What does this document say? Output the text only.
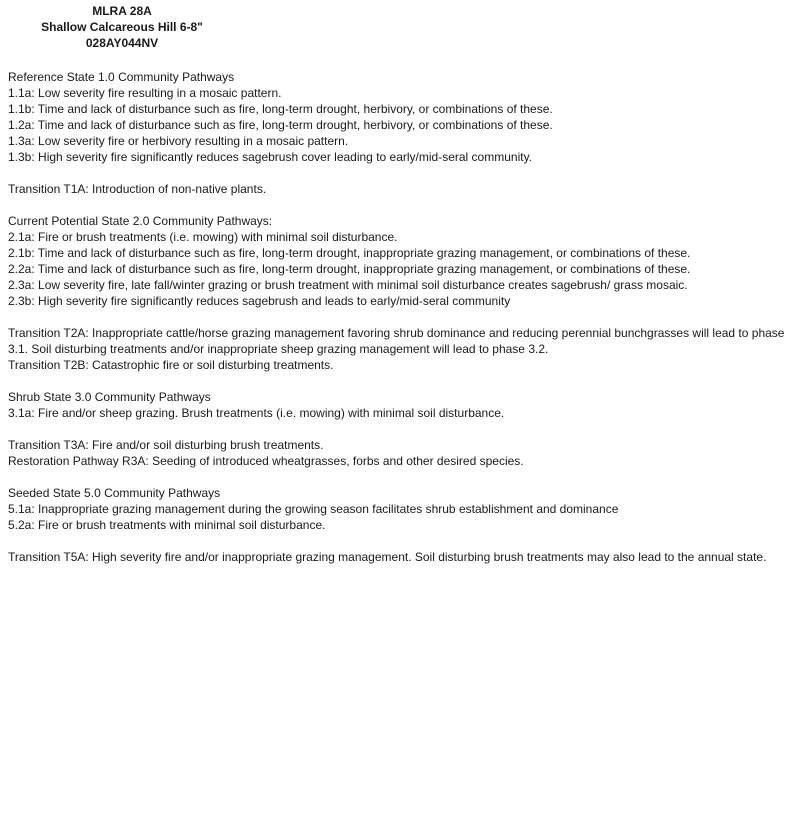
MLRA 28A
Shallow Calcareous Hill 6-8"
028AY044NV
Reference State 1.0 Community Pathways
1.1a: Low severity fire resulting in a mosaic pattern.
1.1b: Time and lack of disturbance such as fire, long-term drought, herbivory, or combinations of these.
1.2a: Time and lack of disturbance such as fire, long-term drought, herbivory, or combinations of these.
1.3a: Low severity fire or herbivory resulting in a mosaic pattern.
1.3b: High severity fire significantly reduces sagebrush cover leading to early/mid-seral community.
Transition T1A: Introduction of non-native plants.
Current Potential State 2.0 Community Pathways:
2.1a: Fire or brush treatments (i.e. mowing) with minimal soil disturbance.
2.1b: Time and lack of disturbance such as fire, long-term drought, inappropriate grazing management, or combinations of these.
2.2a: Time and lack of disturbance such as fire, long-term drought, inappropriate grazing management, or combinations of these.
2.3a: Low severity fire, late fall/winter grazing or brush treatment with minimal soil disturbance creates sagebrush/ grass mosaic.
2.3b: High severity fire significantly reduces sagebrush and leads to early/mid-seral community
Transition T2A: Inappropriate cattle/horse grazing management favoring shrub dominance and reducing perennial bunchgrasses will lead to phase 3.1. Soil disturbing treatments and/or inappropriate sheep grazing management will lead to phase 3.2.
Transition T2B: Catastrophic fire or soil disturbing treatments.
Shrub State 3.0 Community Pathways
3.1a: Fire and/or sheep grazing. Brush treatments (i.e. mowing) with minimal soil disturbance.
Transition T3A: Fire and/or soil disturbing brush treatments.
Restoration Pathway R3A: Seeding of introduced wheatgrasses, forbs and other desired species.
Seeded State 5.0 Community Pathways
5.1a: Inappropriate grazing management during the growing season facilitates shrub establishment and dominance
5.2a: Fire or brush treatments with minimal soil disturbance.
Transition T5A: High severity fire and/or inappropriate grazing management. Soil disturbing brush treatments may also lead to the annual state.
